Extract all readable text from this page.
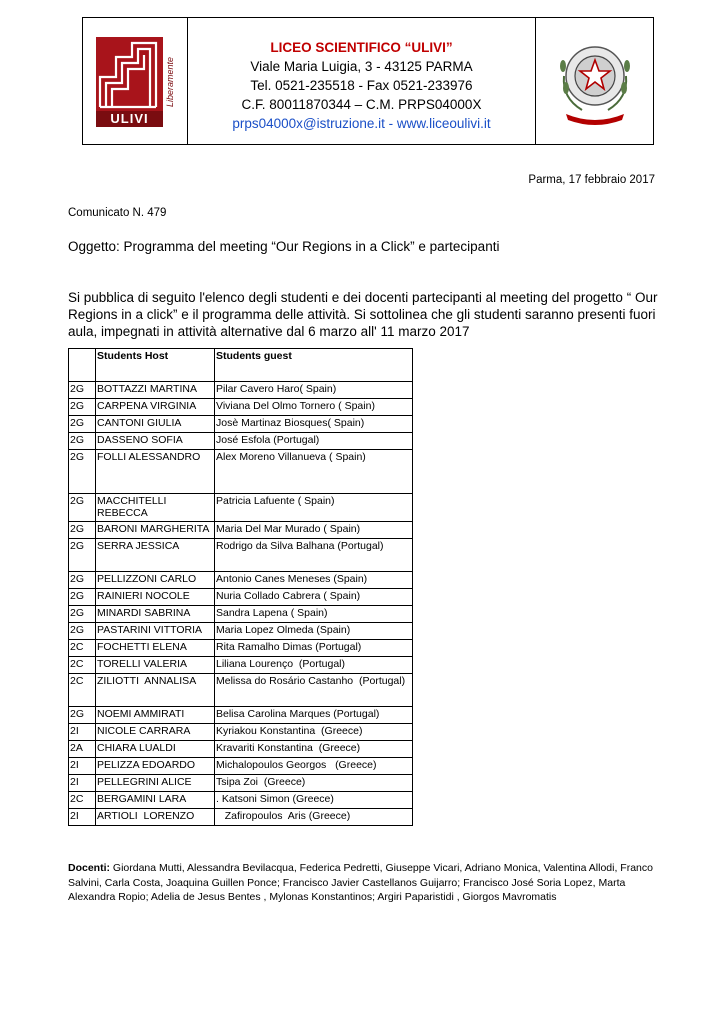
ULIVI
Liberamente
LICEO SCIENTIFICO “ULIVI”
Viale Maria Luigia, 3 - 43125 PARMA
Tel. 0521-235518 - Fax 0521-233976
C.F. 80011870344 – C.M. PRPS04000X
prps04000x@istruzione.it - www.liceoulivi.it
Parma, 17 febbraio 2017
Comunicato N. 479
Oggetto: Programma del meeting “Our Regions in a Click” e partecipanti
Si pubblica di seguito l'elenco degli studenti e dei docenti partecipanti al meeting del progetto “ Our Regions in a click” e il programma delle attività. Si sottolinea che gli studenti saranno presenti fuori aula, impegnati in attività alternative dal 6 marzo all' 11 marzo 2017
	Students Host	Students guest
2G	BOTTAZZI MARTINA	Pilar Cavero Haro( Spain)
2G	CARPENA VIRGINIA	Viviana Del Olmo Tornero ( Spain)
2G	CANTONI GIULIA	Josè Martinaz Biosques( Spain)
2G	DASSENO SOFIA	José Esfola (Portugal)
2G	FOLLI ALESSANDRO	Alex Moreno Villanueva ( Spain)
2G	MACCHITELLI REBECCA	Patricia Lafuente ( Spain)
2G	BARONI MARGHERITA	Maria Del Mar Murado ( Spain)
2G	SERRA JESSICA	Rodrigo da Silva Balhana (Portugal)
2G	PELLIZZONI CARLO	Antonio Canes Meneses (Spain)
2G	RAINIERI NOCOLE	Nuria Collado Cabrera ( Spain)
2G	MINARDI SABRINA	Sandra Lapena ( Spain)
2G	PASTARINI VITTORIA	Maria Lopez Olmeda (Spain)
2C	FOCHETTI ELENA	Rita Ramalho Dimas (Portugal)
2C	TORELLI VALERIA	Liliana Lourenço  (Portugal)
2C	ZILIOTTI  ANNALISA	Melissa do Rosário Castanho  (Portugal)
2G	NOEMI AMMIRATI	Belisa Carolina Marques (Portugal)
2I	NICOLE CARRARA	Kyriakou Konstantina  (Greece)
2A	CHIARA LUALDI	Kravariti Konstantina  (Greece)
2I	PELIZZA EDOARDO	Michalopoulos Georgos   (Greece)
2I	PELLEGRINI ALICE	Tsipa Zoi  (Greece)
2C	BERGAMINI LARA	. Katsoni Simon (Greece)
2I	ARTIOLI  LORENZO	Zafiropoulos  Aris (Greece)
Docenti: Giordana Mutti, Alessandra Bevilacqua, Federica Pedretti, Giuseppe Vicari, Adriano Monica, Valentina Allodi, Franco Salvini, Carla Costa, Joaquina Guillen Ponce; Francisco Javier Castellanos Guijarro; Francisco José Soria Lopez, Marta Alexandra Ropio; Adelia de Jesus Bentes , Mylonas Konstantinos; Argiri Paparistidi , Giorgos Mavromatis
